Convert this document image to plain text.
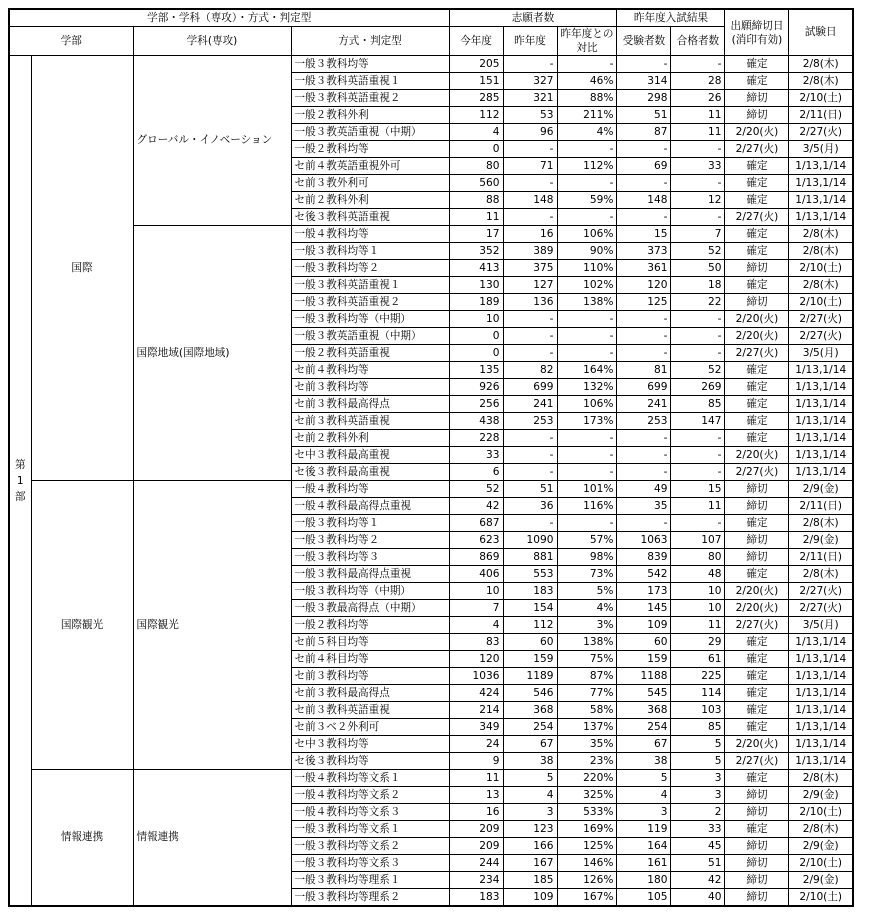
学部・学科（専攻）・方式・判定型				志願者数			昨年度入試結果		出願締切日
(消印有効)	試験日
学部		学科(専攻)	方式・判定型	今年度	昨年度	昨年度との
対比	受験者数	合格者数		
第1部	国際	グローバル・イノベーション	一般３教科均等	205	-	-	-	-	確定	2/8(木)
			一般３教科英語重視１	151	327	46%	314	28	確定	2/8(木)
			一般３教科英語重視２	285	321	88%	298	26	締切	2/10(土)
			一般２教科外利	112	53	211%	51	11	締切	2/11(日)
			一般３教英語重視（中期）	4	96	4%	87	11	2/20(火)	2/27(火)
			一般２教科均等	0	-	-	-	-	2/27(火)	3/5(月)
			セ前４教英語重視外可	80	71	112%	69	33	確定	1/13,1/14
			セ前３教外利可	560	-	-	-	-	確定	1/13,1/14
			セ前２教科外利	88	148	59%	148	12	確定	1/13,1/14
			セ後３教科英語重視	11	-	-	-	-	2/27(火)	1/13,1/14
		国際地域(国際地域)	一般４教科均等	17	16	106%	15	7	確定	2/8(木)
			一般３教科均等１	352	389	90%	373	52	確定	2/8(木)
			一般３教科均等２	413	375	110%	361	50	締切	2/10(土)
			一般３教科英語重視１	130	127	102%	120	18	確定	2/8(木)
			一般３教科英語重視２	189	136	138%	125	22	締切	2/10(土)
			一般３教科均等（中期）	10	-	-	-	-	2/20(火)	2/27(火)
			一般３教英語重視（中期）	0	-	-	-	-	2/20(火)	2/27(火)
			一般２教科英語重視	0	-	-	-	-	2/27(火)	3/5(月)
			セ前４教科均等	135	82	164%	81	52	確定	1/13,1/14
			セ前３教科均等	926	699	132%	699	269	確定	1/13,1/14
			セ前３教科最高得点	256	241	106%	241	85	確定	1/13,1/14
			セ前３教科英語重視	438	253	173%	253	147	確定	1/13,1/14
			セ前２教科外利	228	-	-	-	-	確定	1/13,1/14
			セ中３教科最高重視	33	-	-	-	-	2/20(火)	1/13,1/14
			セ後３教科最高重視	6	-	-	-	-	2/27(火)	1/13,1/14
	国際観光	国際観光	一般４教科均等	52	51	101%	49	15	締切	2/9(金)
			一般４教科最高得点重視	42	36	116%	35	11	締切	2/11(日)
			一般３教科均等１	687	-	-	-	-	確定	2/8(木)
			一般３教科均等２	623	1090	57%	1063	107	締切	2/9(金)
			一般３教科均等３	869	881	98%	839	80	締切	2/11(日)
			一般３教科最高得点重視	406	553	73%	542	48	確定	2/8(木)
			一般３教科均等（中期）	10	183	5%	173	10	2/20(火)	2/27(火)
			一般３教最高得点（中期）	7	154	4%	145	10	2/20(火)	2/27(火)
			一般２教科均等	4	112	3%	109	11	2/27(火)	3/5(月)
			セ前５科目均等	83	60	138%	60	29	確定	1/13,1/14
			セ前４科目均等	120	159	75%	159	61	確定	1/13,1/14
			セ前３教科均等	1036	1189	87%	1188	225	確定	1/13,1/14
			セ前３教科最高得点	424	546	77%	545	114	確定	1/13,1/14
			セ前３教科英語重視	214	368	58%	368	103	確定	1/13,1/14
			セ前３ベ２外利可	349	254	137%	254	85	確定	1/13,1/14
			セ中３教科均等	24	67	35%	67	5	2/20(火)	1/13,1/14
			セ後３教科均等	9	38	23%	38	5	2/27(火)	1/13,1/14
	情報連携	情報連携	一般４教科均等文系１	11	5	220%	5	3	確定	2/8(木)
			一般４教科均等文系２	13	4	325%	4	3	締切	2/9(金)
			一般４教科均等文系３	16	3	533%	3	2	締切	2/10(土)
			一般３教科均等文系１	209	123	169%	119	33	確定	2/8(木)
			一般３教科均等文系２	209	166	125%	164	45	締切	2/9(金)
			一般３教科均等文系３	244	167	146%	161	51	締切	2/10(土)
			一般３教科均等理系１	234	185	126%	180	42	締切	2/9(金)
			一般３教科均等理系２	183	109	167%	105	40	締切	2/10(土)
